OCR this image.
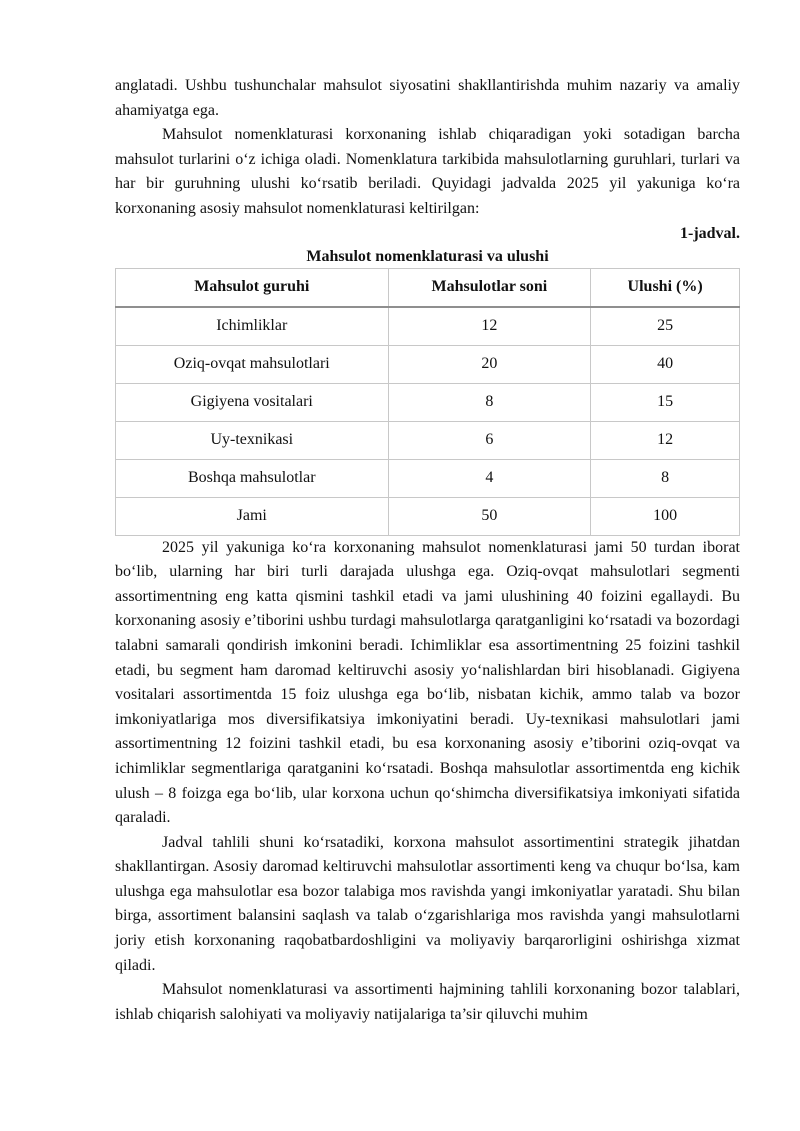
anglatadi. Ushbu tushunchalar mahsulot siyosatini shakllantirishda muhim nazariy va amaliy ahamiyatga ega.

Mahsulot nomenklaturasi korxonaning ishlab chiqaradigan yoki sotadigan barcha mahsulot turlarini oʻz ichiga oladi. Nomenklatura tarkibida mahsulotlarning guruhlari, turlari va har bir guruhning ulushi koʻrsatib beriladi. Quyidagi jadvalda 2025 yil yakuniga koʻra korxonaning asosiy mahsulot nomenklaturasi keltirilgan:

1-jadval.
Mahsulot nomenklaturasi va ulushi
Mahsulot guruhi	Mahsulotlar soni	Ulushi (%)
Ichimliklar	12	25
Oziq-ovqat mahsulotlari	20	40
Gigiyena vositalari	8	15
Uy-texnikasi	6	12
Boshqa mahsulotlar	4	8
Jami	50	100

2025 yil yakuniga koʻra korxonaning mahsulot nomenklaturasi jami 50 turdan iborat boʻlib, ularning har biri turli darajada ulushga ega. Oziq-ovqat mahsulotlari segmenti assortimentning eng katta qismini tashkil etadi va jami ulushining 40 foizini egallaydi. Bu korxonaning asosiy e’tiborini ushbu turdagi mahsulotlarga qaratganligini koʻrsatadi va bozordagi talabni samarali qondirish imkonini beradi. Ichimliklar esa assortimentning 25 foizini tashkil etadi, bu segment ham daromad keltiruvchi asosiy yoʻnalishlardan biri hisoblanadi. Gigiyena vositalari assortimentda 15 foiz ulushga ega boʻlib, nisbatan kichik, ammo talab va bozor imkoniyatlariga mos diversifikatsiya imkoniyatini beradi. Uy-texnikasi mahsulotlari jami assortimentning 12 foizini tashkil etadi, bu esa korxonaning asosiy e’tiborini oziq-ovqat va ichimliklar segmentlariga qaratganini koʻrsatadi. Boshqa mahsulotlar assortimentda eng kichik ulush – 8 foizga ega boʻlib, ular korxona uchun qoʻshimcha diversifikatsiya imkoniyati sifatida qaraladi.

Jadval tahlili shuni koʻrsatadiki, korxona mahsulot assortimentini strategik jihatdan shakllantirgan. Asosiy daromad keltiruvchi mahsulotlar assortimenti keng va chuqur boʻlsa, kam ulushga ega mahsulotlar esa bozor talabiga mos ravishda yangi imkoniyatlar yaratadi. Shu bilan birga, assortiment balansini saqlash va talab oʻzgarishlariga mos ravishda yangi mahsulotlarni joriy etish korxonaning raqobatbardoshligini va moliyaviy barqarorligini oshirishga xizmat qiladi.

Mahsulot nomenklaturasi va assortimenti hajmining tahlili korxonaning bozor talablari, ishlab chiqarish salohiyati va moliyaviy natijalariga ta’sir qiluvchi muhim
